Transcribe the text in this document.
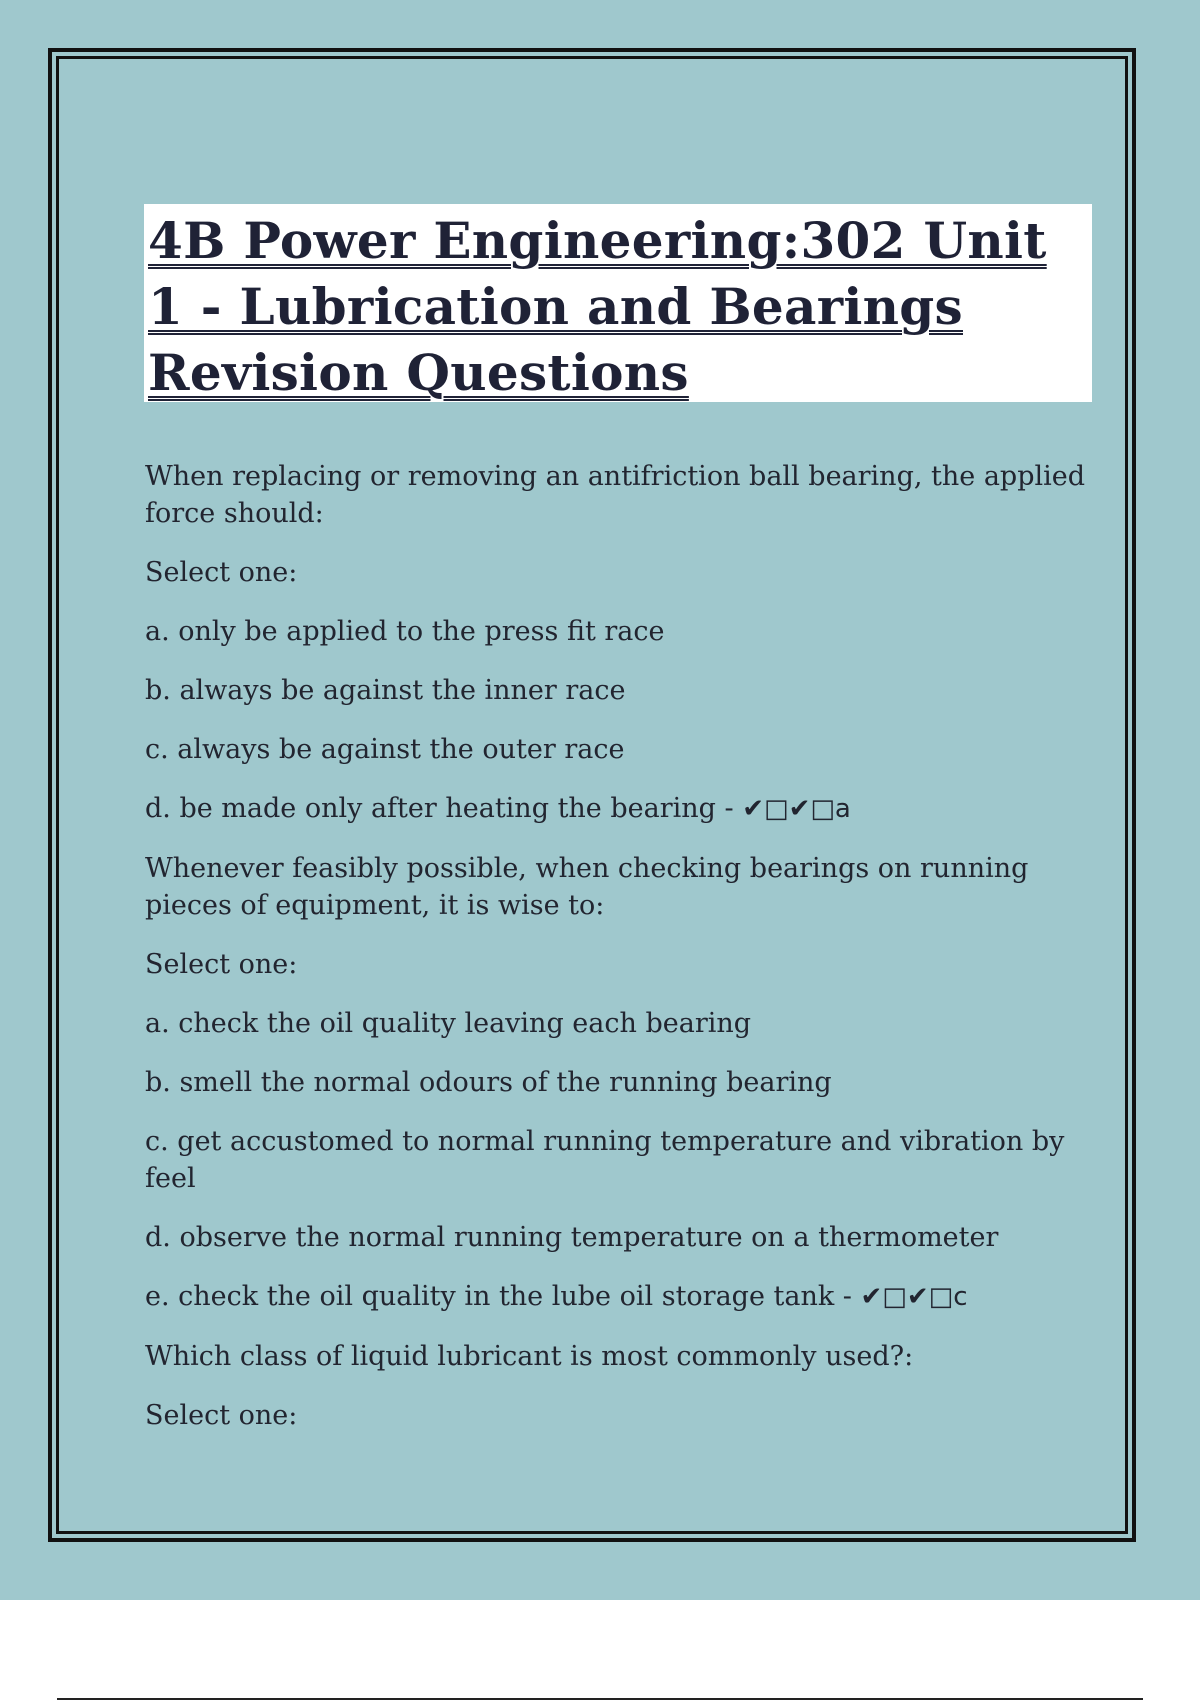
4B Power Engineering:302 Unit 1 - Lubrication and Bearings Revision Questions

When replacing or removing an antifriction ball bearing, the applied force should:

Select one:

a. only be applied to the press fit race

b. always be against the inner race

c. always be against the outer race

d. be made only after heating the bearing - ✔□✔□a

Whenever feasibly possible, when checking bearings on running pieces of equipment, it is wise to:

Select one:

a. check the oil quality leaving each bearing

b. smell the normal odours of the running bearing

c. get accustomed to normal running temperature and vibration by feel

d. observe the normal running temperature on a thermometer

e. check the oil quality in the lube oil storage tank - ✔□✔□c

Which class of liquid lubricant is most commonly used?:

Select one:
